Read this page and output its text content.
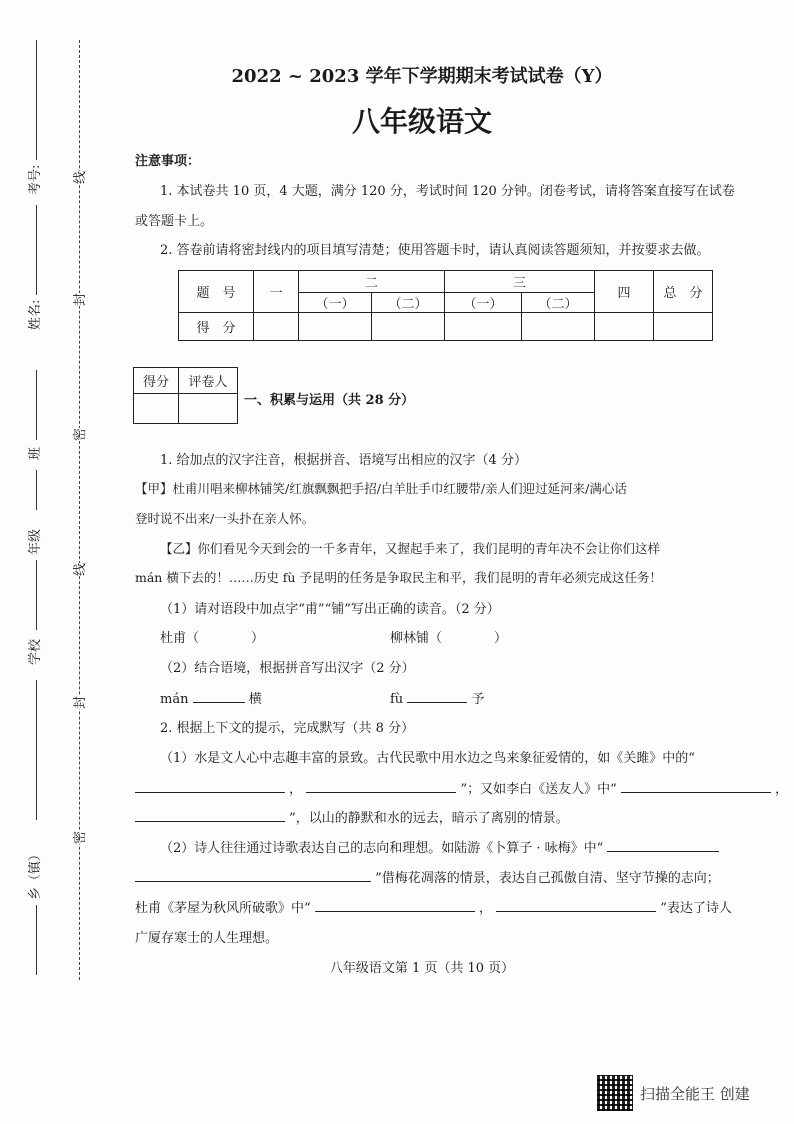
考号:
姓名:
班
年级
学校
乡（镇）
线
封
密
线
封
密
2022 ~ 2023 学年下学期期末考试试卷（Y）
八年级语文
注意事项：
1. 本试卷共 10 页，4 大题，满分 120 分，考试时间 120 分钟。闭卷考试，请将答案直接写在试卷
或答题卡上。
2. 答卷前请将密封线内的项目填写清楚；使用答题卡时，请认真阅读答题须知，并按要求去做。
题　号	一	二		三		四	总　分
		（一）	（二）	（一）	（二）		
得　分							
得分	评卷人

一、积累与运用（共 28 分）
1. 给加点的汉字注音，根据拼音、语境写出相应的汉字（4 分）
【甲】杜甫川唱来柳林铺笑/红旗飘飘把手招/白羊肚手巾红腰带/亲人们迎过延河来/满心话
登时说不出来/一头扑在亲人怀。
【乙】你们看见今天到会的一千多青年，又握起手来了，我们昆明的青年决不会让你们这样
mán 横下去的！……历史 fù 予昆明的任务是争取民主和平，我们昆明的青年必须完成这任务！
（1）请对语段中加点字“甫”“铺”写出正确的读音。（2 分）
杜甫（　　　　）	柳林铺（　　　　）
（2）结合语境，根据拼音写出汉字（2 分）
mán	横	fù	予
2. 根据上下文的提示，完成默写（共 8 分）
（1）水是文人心中志趣丰富的景致。古代民歌中用水边之鸟来象征爱情的，如《关雎》中的“
，	”；又如李白《送友人》中“	，
”，以山的静默和水的远去，暗示了离别的情景。
（2）诗人往往通过诗歌表达自己的志向和理想。如陆游《卜算子 · 咏梅》中“
”借梅花凋落的情景，表达自己孤傲自清、坚守节操的志向；
杜甫《茅屋为秋风所破歌》中“	，	”表达了诗人
广厦存寒士的人生理想。
八年级语文第 1 页（共 10 页）
扫描全能王 创建
